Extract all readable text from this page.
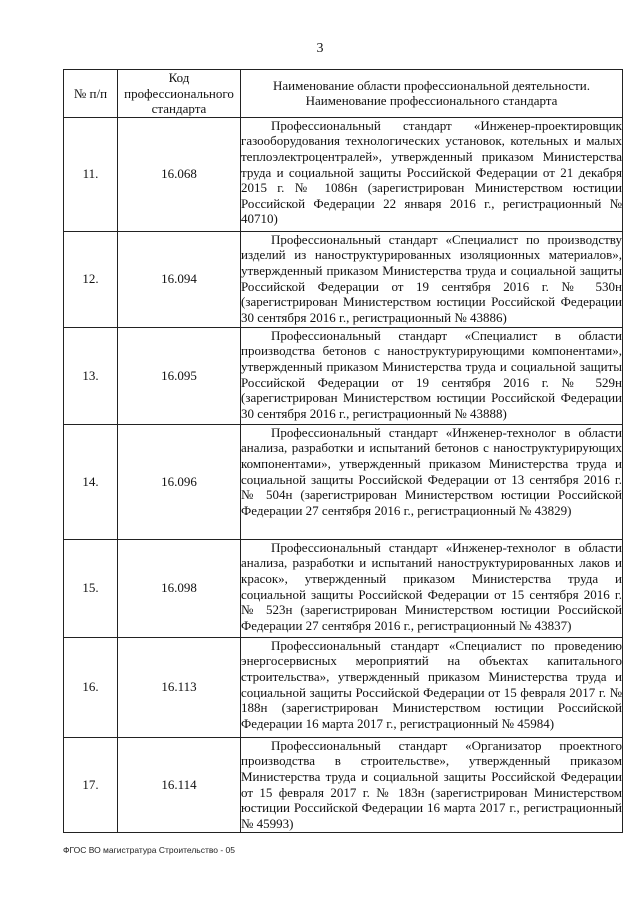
3
№ п/п	Код профессионального стандарта	Наименование области профессиональной деятельности.
Наименование профессионального стандарта

11.	16.068	Профессиональный стандарт «Инженер-проектировщик газооборудования технологических установок, котельных и малых теплоэлектроцентралей», утвержденный приказом Министерства труда и социальной защиты Российской Федерации от 21 декабря 2015 г. № 1086н (зарегистрирован Министерством юстиции Российской Федерации 22 января 2016 г., регистрационный № 40710)

12.	16.094	Профессиональный стандарт «Специалист по производству изделий из наноструктурированных изоляционных материалов», утвержденный приказом Министерства труда и социальной защиты Российской Федерации от 19 сентября 2016 г. № 530н (зарегистрирован Министерством юстиции Российской Федерации 30 сентября 2016 г., регистрационный № 43886)

13.	16.095	Профессиональный стандарт «Специалист в области производства бетонов с наноструктурирующими компонентами», утвержденный приказом Министерства труда и социальной защиты Российской Федерации от 19 сентября 2016 г. № 529н (зарегистрирован Министерством юстиции Российской Федерации 30 сентября 2016 г., регистрационный № 43888)

14.	16.096	Профессиональный стандарт «Инженер-технолог в области анализа, разработки и испытаний бетонов с наноструктурирующих компонентами», утвержденный приказом Министерства труда и социальной защиты Российской Федерации от 13 сентября 2016 г. № 504н (зарегистрирован Министерством юстиции Российской Федерации 27 сентября 2016 г., регистрационный № 43829)

15.	16.098	Профессиональный стандарт «Инженер-технолог в области анализа, разработки и испытаний наноструктурированных лаков и красок», утвержденный приказом Министерства труда и социальной защиты Российской Федерации от 15 сентября 2016 г. № 523н (зарегистрирован Министерством юстиции Российской Федерации 27 сентября 2016 г., регистрационный № 43837)

16.	16.113	Профессиональный стандарт «Специалист по проведению энергосервисных мероприятий на объектах капитального строительства», утвержденный приказом Министерства труда и социальной защиты Российской Федерации от 15 февраля 2017 г. № 188н (зарегистрирован Министерством юстиции Российской Федерации 16 марта 2017 г., регистрационный № 45984)

17.	16.114	Профессиональный стандарт «Организатор проектного производства в строительстве», утвержденный приказом Министерства труда и социальной защиты Российской Федерации от 15 февраля 2017 г. № 183н (зарегистрирован Министерством юстиции Российской Федерации 16 марта 2017 г., регистрационный № 45993)
ФГОС ВО магистратура Строительство - 05
